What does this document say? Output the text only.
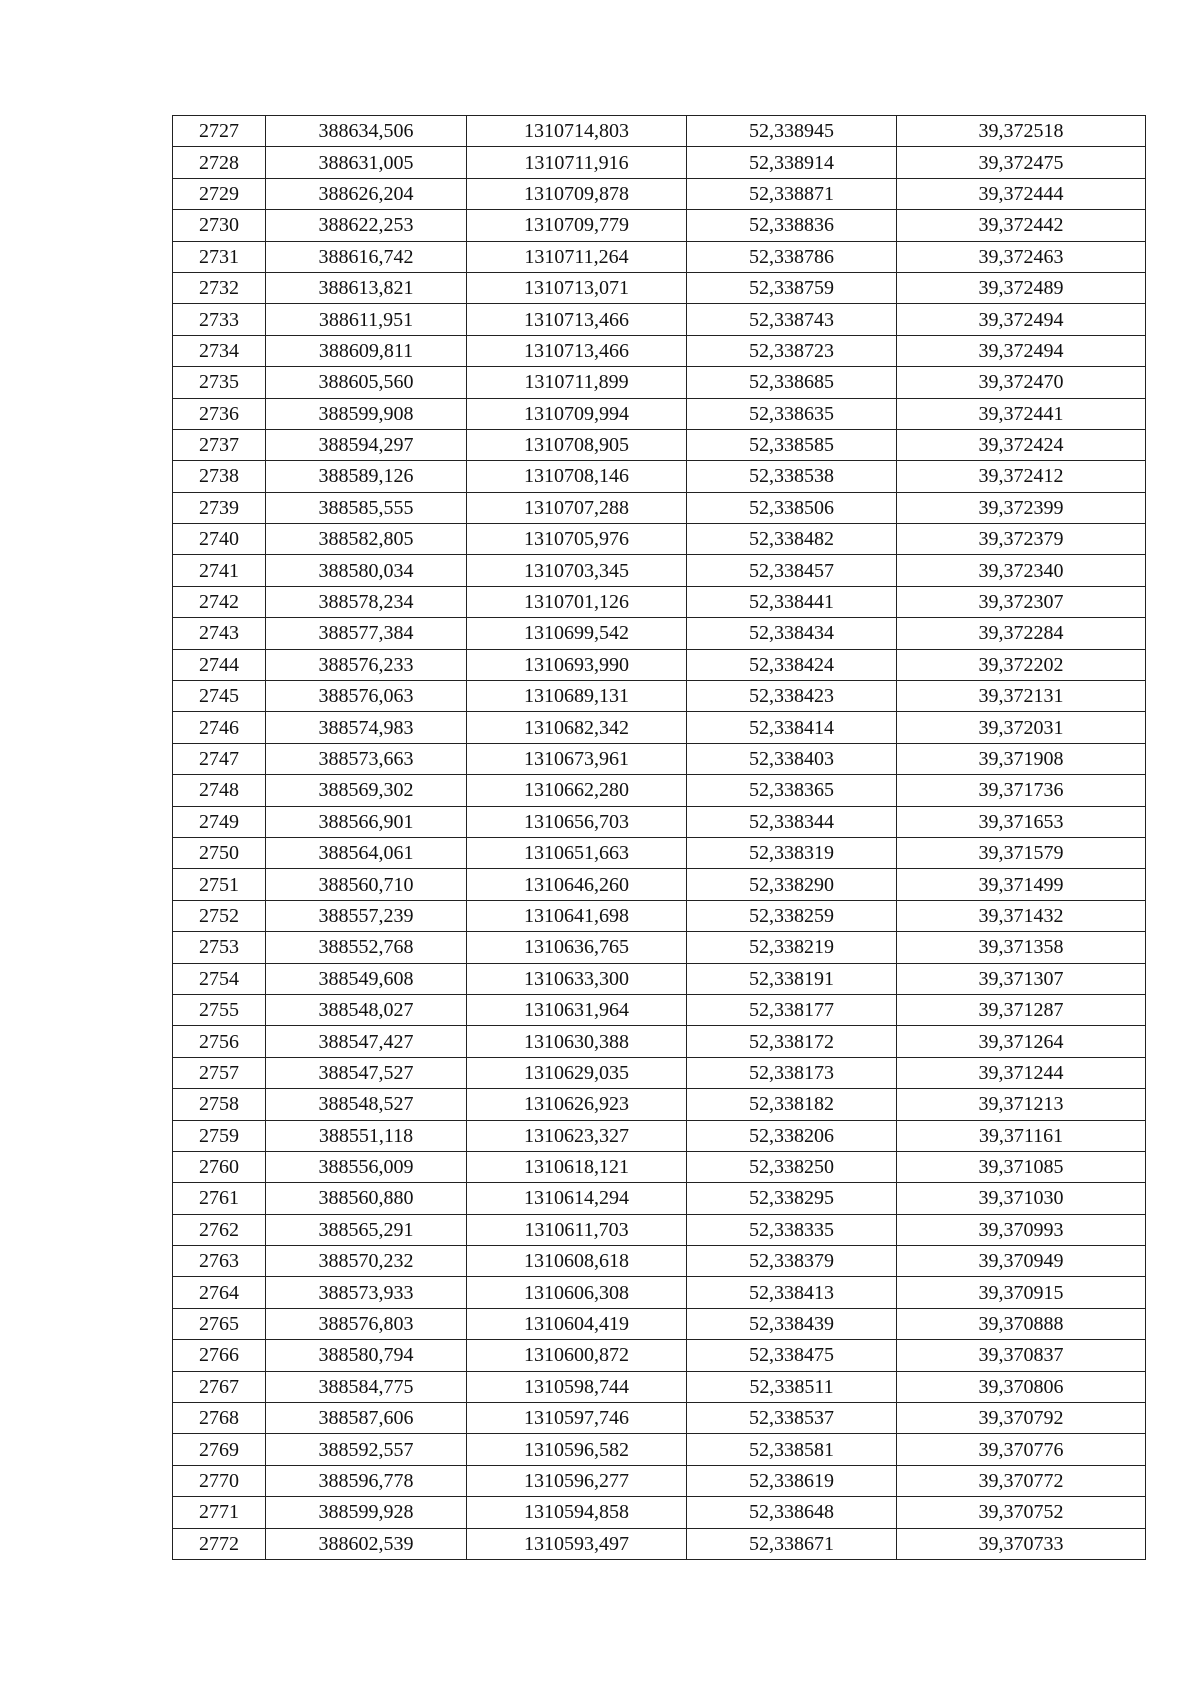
2727	388634,506	1310714,803	52,338945	39,372518
2728	388631,005	1310711,916	52,338914	39,372475
2729	388626,204	1310709,878	52,338871	39,372444
2730	388622,253	1310709,779	52,338836	39,372442
2731	388616,742	1310711,264	52,338786	39,372463
2732	388613,821	1310713,071	52,338759	39,372489
2733	388611,951	1310713,466	52,338743	39,372494
2734	388609,811	1310713,466	52,338723	39,372494
2735	388605,560	1310711,899	52,338685	39,372470
2736	388599,908	1310709,994	52,338635	39,372441
2737	388594,297	1310708,905	52,338585	39,372424
2738	388589,126	1310708,146	52,338538	39,372412
2739	388585,555	1310707,288	52,338506	39,372399
2740	388582,805	1310705,976	52,338482	39,372379
2741	388580,034	1310703,345	52,338457	39,372340
2742	388578,234	1310701,126	52,338441	39,372307
2743	388577,384	1310699,542	52,338434	39,372284
2744	388576,233	1310693,990	52,338424	39,372202
2745	388576,063	1310689,131	52,338423	39,372131
2746	388574,983	1310682,342	52,338414	39,372031
2747	388573,663	1310673,961	52,338403	39,371908
2748	388569,302	1310662,280	52,338365	39,371736
2749	388566,901	1310656,703	52,338344	39,371653
2750	388564,061	1310651,663	52,338319	39,371579
2751	388560,710	1310646,260	52,338290	39,371499
2752	388557,239	1310641,698	52,338259	39,371432
2753	388552,768	1310636,765	52,338219	39,371358
2754	388549,608	1310633,300	52,338191	39,371307
2755	388548,027	1310631,964	52,338177	39,371287
2756	388547,427	1310630,388	52,338172	39,371264
2757	388547,527	1310629,035	52,338173	39,371244
2758	388548,527	1310626,923	52,338182	39,371213
2759	388551,118	1310623,327	52,338206	39,371161
2760	388556,009	1310618,121	52,338250	39,371085
2761	388560,880	1310614,294	52,338295	39,371030
2762	388565,291	1310611,703	52,338335	39,370993
2763	388570,232	1310608,618	52,338379	39,370949
2764	388573,933	1310606,308	52,338413	39,370915
2765	388576,803	1310604,419	52,338439	39,370888
2766	388580,794	1310600,872	52,338475	39,370837
2767	388584,775	1310598,744	52,338511	39,370806
2768	388587,606	1310597,746	52,338537	39,370792
2769	388592,557	1310596,582	52,338581	39,370776
2770	388596,778	1310596,277	52,338619	39,370772
2771	388599,928	1310594,858	52,338648	39,370752
2772	388602,539	1310593,497	52,338671	39,370733
